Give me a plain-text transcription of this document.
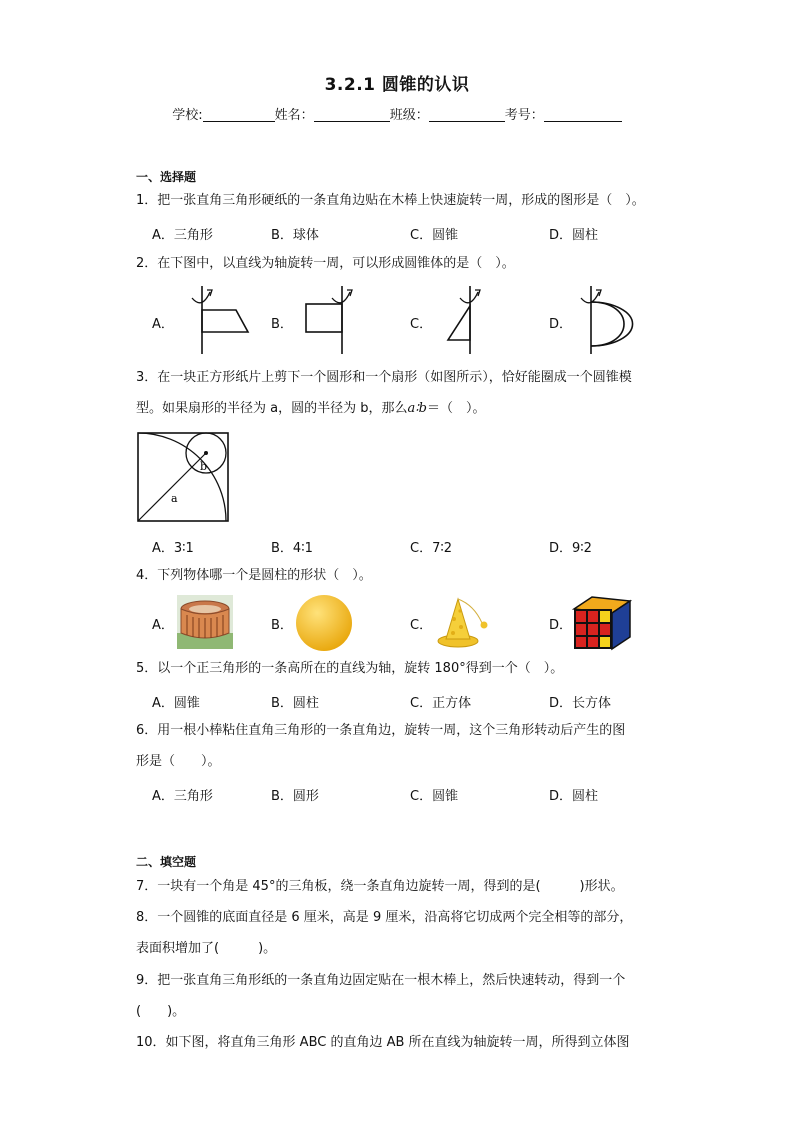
3.2.1 圆锥的认识
学校:	姓名：	班级：	考号：
一、选择题
1．把一张直角三角形硬纸的一条直角边贴在木棒上快速旋转一周，形成的图形是（　）。
A．三角形	B．球体	C．圆锥	D．圆柱
2．在下图中，以直线为轴旋转一周，可以形成圆锥体的是（　）。
A．	B．	C．	D．
3．在一块正方形纸片上剪下一个圆形和一个扇形（如图所示），恰好能圈成一个圆锥模
型。如果扇形的半径为 a，圆的半径为 b，那么a∶b＝（　）。
b
a
A．3∶1	B．4∶1	C．7∶2	D．9∶2
4．下列物体哪一个是圆柱的形状（　）。
A．	B．	C．	D．
5．以一个正三角形的一条高所在的直线为轴，旋转 180°得到一个（　）。
A．圆锥	B．圆柱	C．正方体	D．长方体
6．用一根小棒粘住直角三角形的一条直角边，旋转一周，这个三角形转动后产生的图
形是（　　）。
A．三角形	B．圆形	C．圆锥	D．圆柱
二、填空题
7．一块有一个角是 45°的三角板，绕一条直角边旋转一周，得到的是(　　　)形状。
8．一个圆锥的底面直径是 6 厘米，高是 9 厘米，沿高将它切成两个完全相等的部分，
表面积增加了(　　　)。
9．把一张直角三角形纸的一条直角边固定贴在一根木棒上，然后快速转动，得到一个
(　　)。
10．如下图，将直角三角形 ABC 的直角边 AB 所在直线为轴旋转一周，所得到立体图
